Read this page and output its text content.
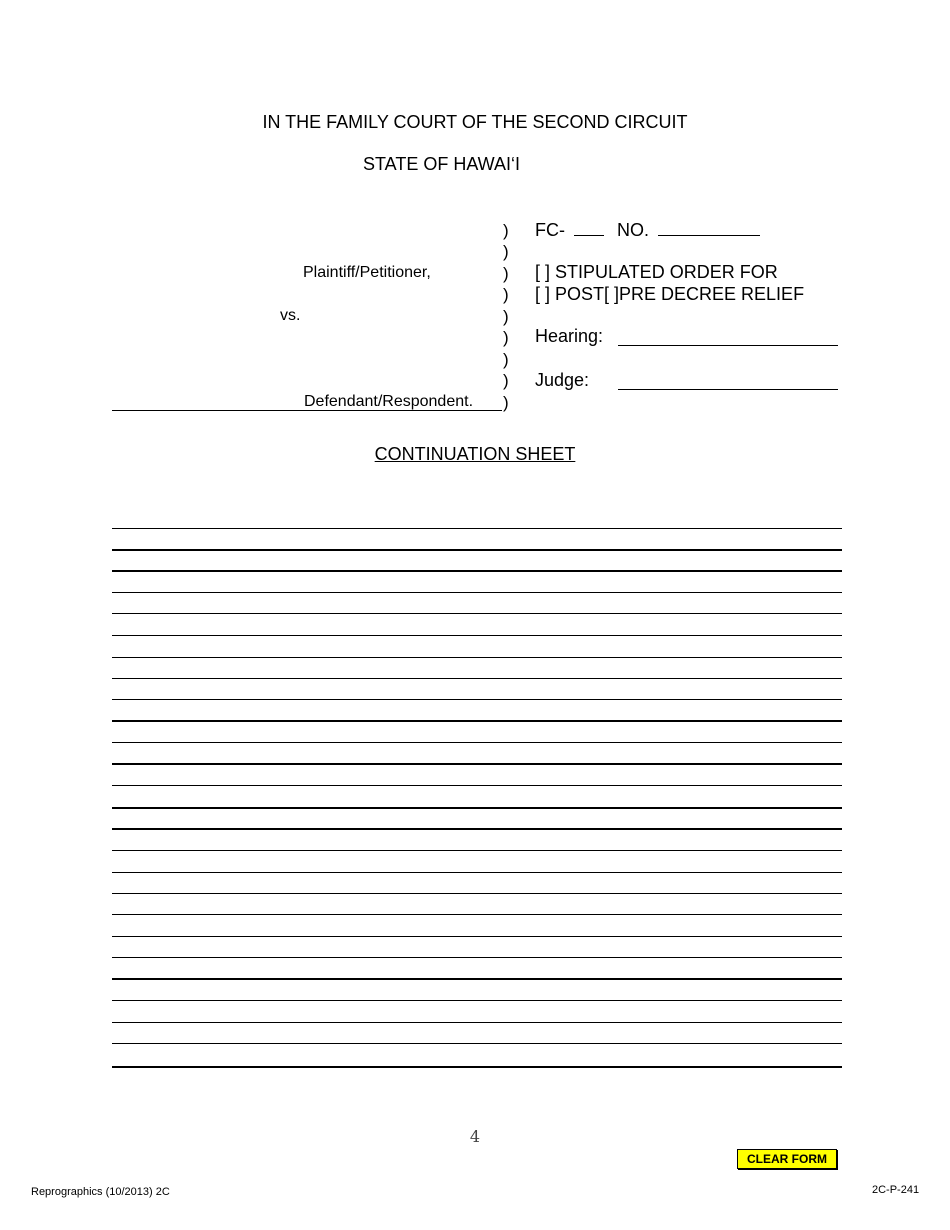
IN THE FAMILY COURT OF THE SECOND CIRCUIT
STATE OF HAWAI‘I
)
)
)
)
)
)
)
)
)
Plaintiff/Petitioner,
vs.
Defendant/Respondent.
FC-	NO.
[ ] STIPULATED ORDER FOR
[ ] POST[ ]PRE DECREE RELIEF
Hearing:
Judge:
CONTINUATION SHEET
4
CLEAR FORM
Reprographics (10/2013) 2C	2C-P-241
